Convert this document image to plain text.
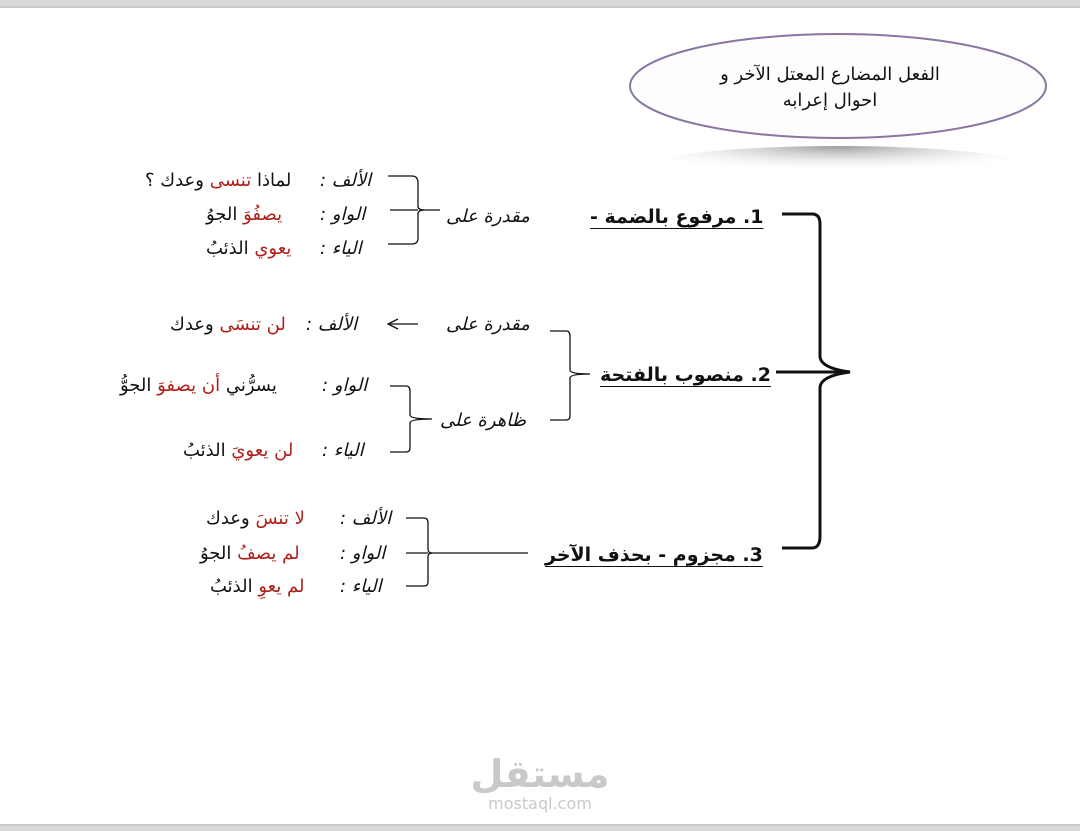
الفعل المضارع المعتل الآخر و
احوال إعرابه
1. مرفوع بالضمة -
مقدرة على
الألف :
لماذا تنسى وعدك ؟
الواو :
يصفُوَ الجوُ
الياء :
يعوي الذئبُ
2. منصوب بالفتحة
مقدرة على
الألف :
لن تنسَى وعدك
ظاهرة على
الواو :
يسرُّني أن يصفوَ الجوُّ
الياء :
لن يعويَ الذئبُ
3. مجزوم - بحذف الآخر
الألف :
لا تنسَ وعدك
الواو :
لم يصفُ الجوُ
الياء :
لم يعوِ الذئبُ
مستقل
mostaql.com
